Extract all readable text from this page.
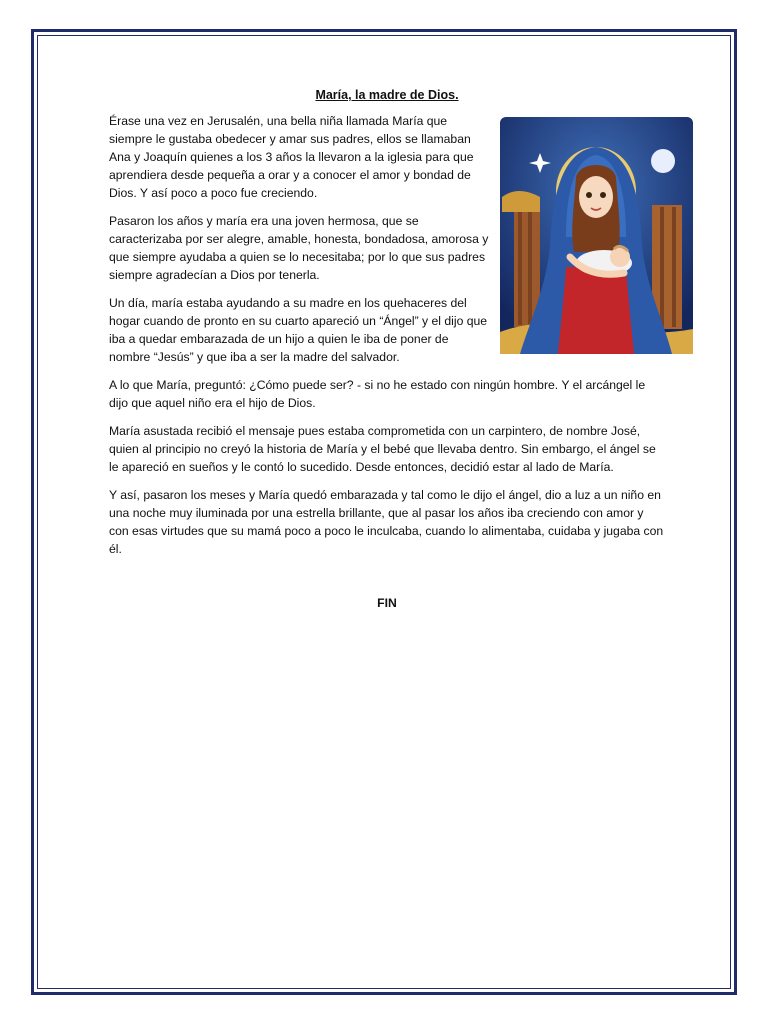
María, la madre de Dios.

Érase una vez en Jerusalén, una bella niña llamada María que siempre le gustaba obedecer y amar sus padres, ellos se llamaban Ana y Joaquín quienes a los 3 años la llevaron a la iglesia para que aprendiera desde pequeña a orar y a conocer el amor y bondad de Dios. Y así poco a poco fue creciendo.

Pasaron los años y maría era una joven hermosa, que se caracterizaba por ser alegre, amable, honesta, bondadosa, amorosa y que siempre ayudaba a quien se lo necesitaba; por lo que sus padres siempre agradecían a Dios por tenerla.

Un día, maría estaba ayudando a su madre en los quehaceres del hogar cuando de pronto en su cuarto apareció un “Ángel” y el dijo que iba a quedar embarazada de un hijo a quien le iba de poner de nombre “Jesús” y que iba a ser la madre del salvador.

A lo que María, preguntó: ¿Cómo puede ser? - si no he estado con ningún hombre. Y el arcángel le dijo que aquel niño era el hijo de Dios.

María asustada recibió el mensaje pues estaba comprometida con un carpintero, de nombre José, quien al principio no creyó la historia de María y el bebé que llevaba dentro. Sin embargo, el ángel se le apareció en sueños y le contó lo sucedido. Desde entonces, decidió estar al lado de María.

Y así, pasaron los meses y María quedó embarazada y tal como le dijo el ángel, dio a luz a un niño en una noche muy iluminada por una estrella brillante, que al pasar los años iba creciendo con amor y con esas virtudes que su mamá poco a poco le inculcaba, cuando lo alimentaba, cuidaba y jugaba con él.

FIN
